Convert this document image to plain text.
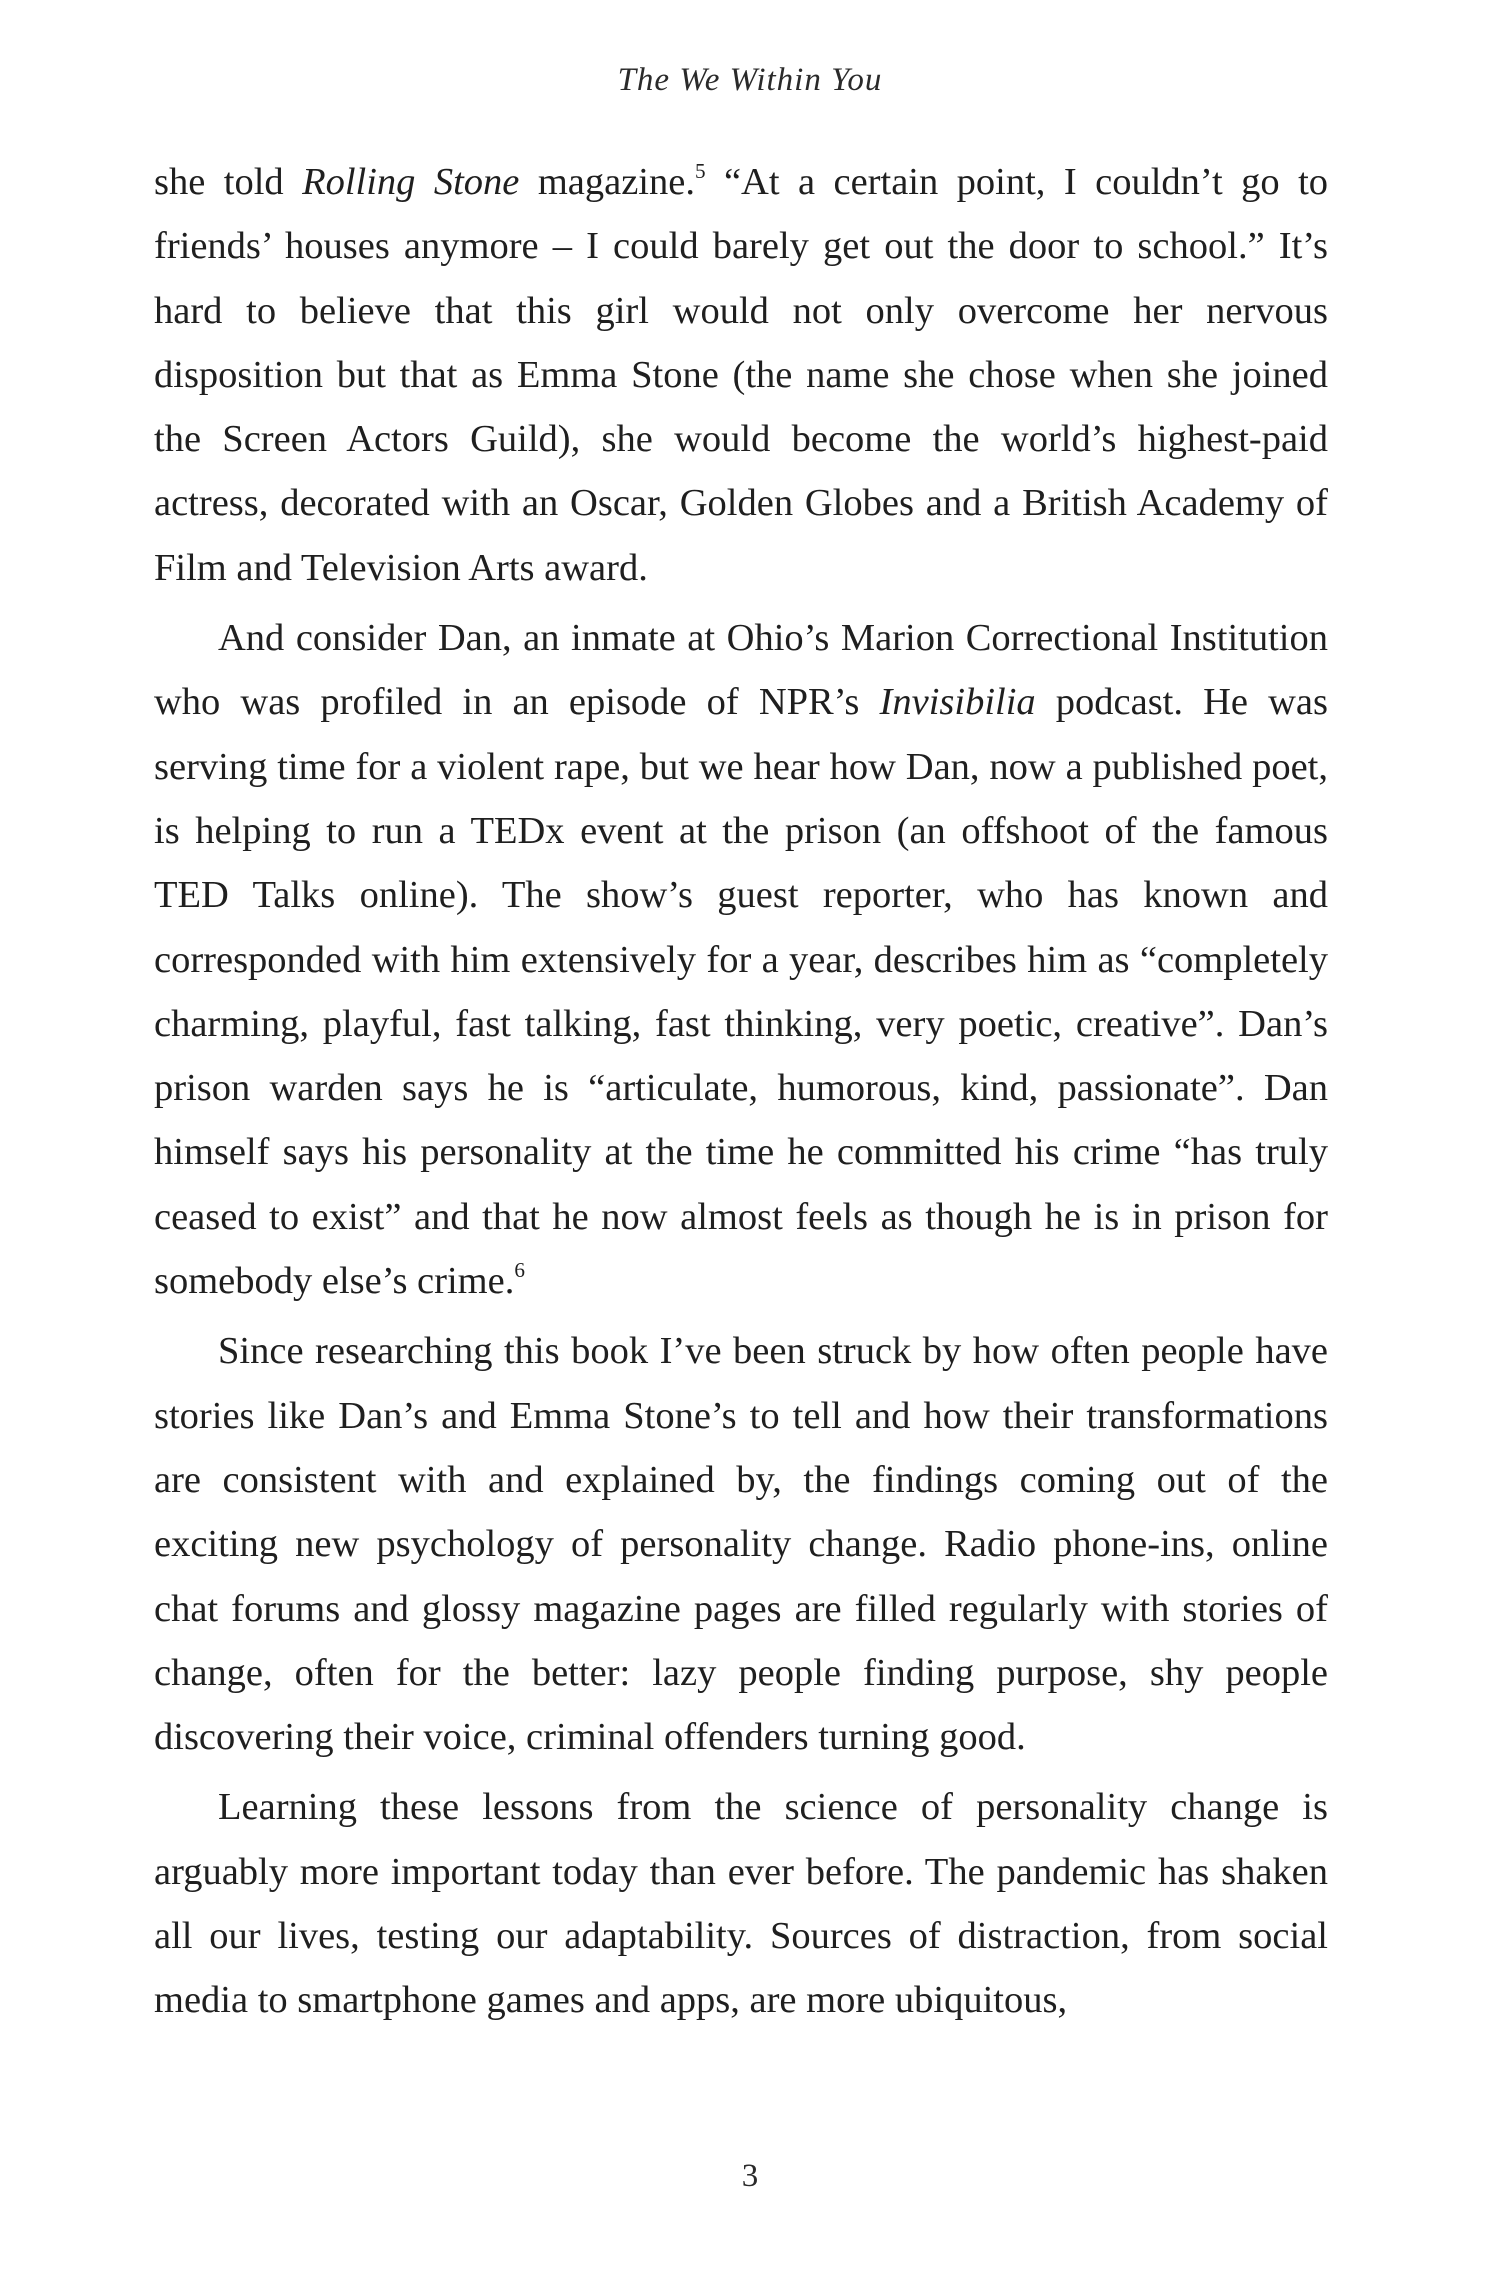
The We Within You

she told Rolling Stone magazine.$^5$ “At a certain point, I couldn’t go to friends’ houses anymore – I could barely get out the door to school.” It’s hard to believe that this girl would not only overcome her nervous disposition but that as Emma Stone (the name she chose when she joined the Screen Actors Guild), she would become the world’s highest-paid actress, decorated with an Oscar, Golden Globes and a British Academy of Film and Television Arts award.

And consider Dan, an inmate at Ohio’s Marion Correctional Institution who was profiled in an episode of NPR’s Invisibilia podcast. He was serving time for a violent rape, but we hear how Dan, now a published poet, is helping to run a TEDx event at the prison (an offshoot of the famous TED Talks online). The show’s guest reporter, who has known and corresponded with him extensively for a year, describes him as “completely charming, playful, fast talking, fast thinking, very poetic, creative”. Dan’s prison warden says he is “articulate, humorous, kind, passionate”. Dan himself says his personality at the time he committed his crime “has truly ceased to exist” and that he now almost feels as though he is in prison for somebody else’s crime.$^6$

Since researching this book I’ve been struck by how often people have stories like Dan’s and Emma Stone’s to tell and how their transformations are consistent with and explained by, the findings coming out of the exciting new psychology of personality change. Radio phone-ins, online chat forums and glossy magazine pages are filled regularly with stories of change, often for the better: lazy people finding purpose, shy people discovering their voice, criminal offenders turning good.

Learning these lessons from the science of personality change is arguably more important today than ever before. The pandemic has shaken all our lives, testing our adaptability. Sources of distraction, from social media to smartphone games and apps, are more ubiquitous,

3
